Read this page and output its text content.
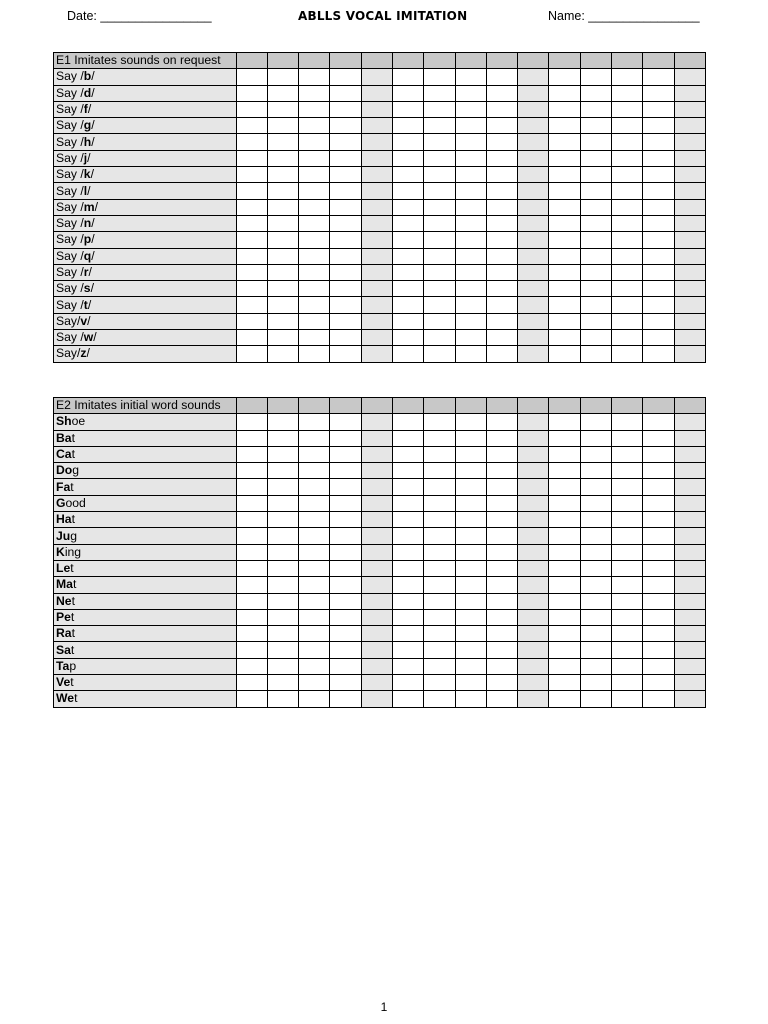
Date: ________________	ABLLS VOCAL IMITATION	Name: ________________
E1 Imitates sounds on request															
Say /b/															
Say /d/															
Say /f/															
Say /g/															
Say /h/															
Say /j/															
Say /k/															
Say /l/															
Say /m/															
Say /n/															
Say /p/															
Say /q/															
Say /r/															
Say /s/															
Say /t/															
Say/v/															
Say /w/															
Say/z/															
E2 Imitates initial word sounds															
Shoe															
Bat															
Cat															
Dog															
Fat															
Good															
Hat															
Jug															
King															
Let															
Mat															
Net															
Pet															
Rat															
Sat															
Tap															
Vet															
Wet															
1
